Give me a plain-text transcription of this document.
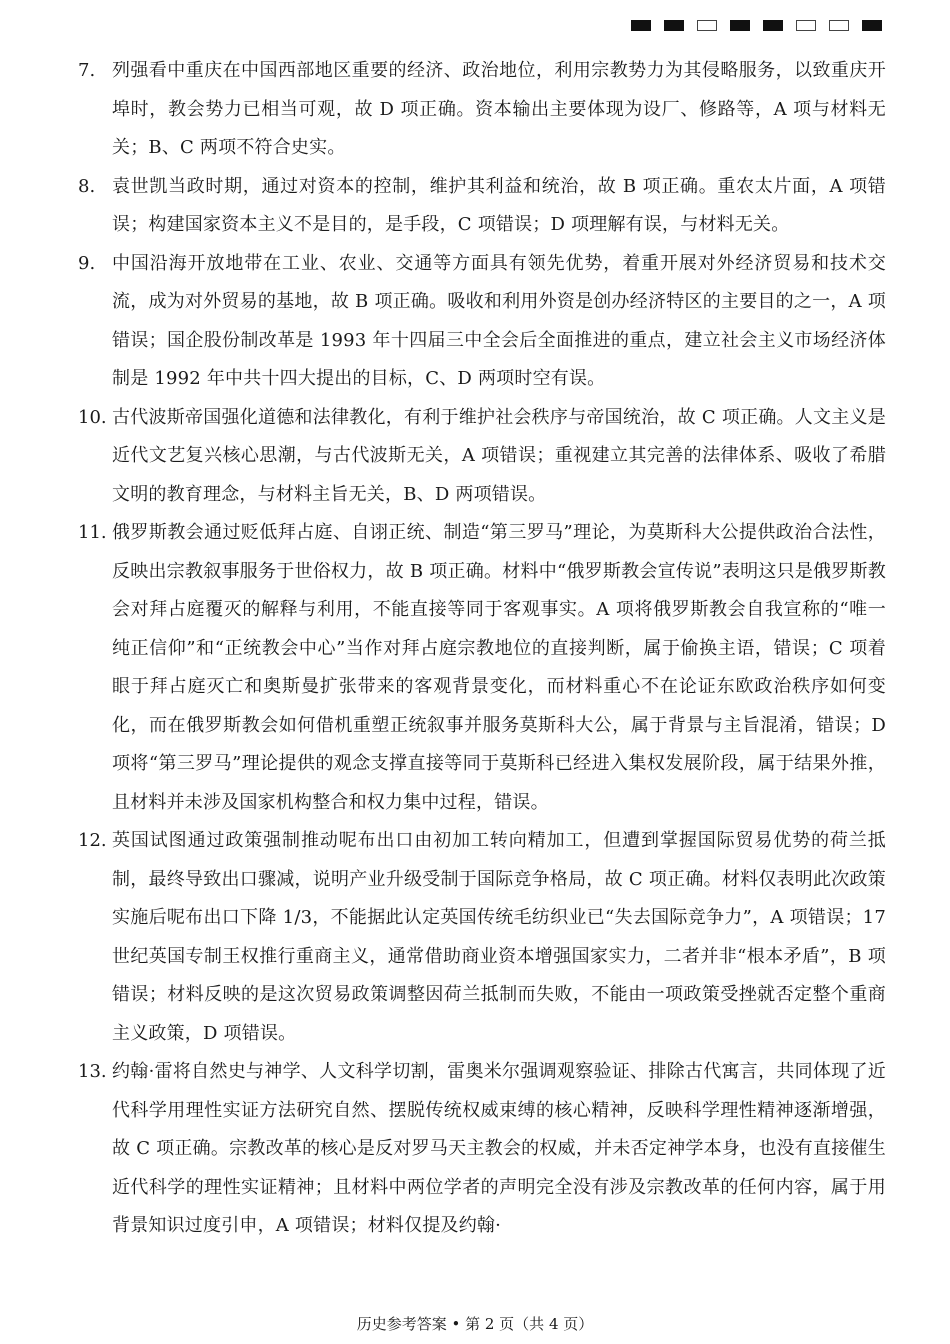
7. 列强看中重庆在中国西部地区重要的经济、政治地位，利用宗教势力为其侵略服务，以致重庆开埠时，教会势力已相当可观，故 D 项正确。资本输出主要体现为设厂、修路等，A 项与材料无关；B、C 两项不符合史实。
8. 袁世凯当政时期，通过对资本的控制，维护其利益和统治，故 B 项正确。重农太片面，A 项错误；构建国家资本主义不是目的，是手段，C 项错误；D 项理解有误，与材料无关。
9. 中国沿海开放地带在工业、农业、交通等方面具有领先优势，着重开展对外经济贸易和技术交流，成为对外贸易的基地，故 B 项正确。吸收和利用外资是创办经济特区的主要目的之一，A 项错误；国企股份制改革是 1993 年十四届三中全会后全面推进的重点，建立社会主义市场经济体制是 1992 年中共十四大提出的目标，C、D 两项时空有误。
10. 古代波斯帝国强化道德和法律教化，有利于维护社会秩序与帝国统治，故 C 项正确。人文主义是近代文艺复兴核心思潮，与古代波斯无关，A 项错误；重视建立其完善的法律体系、吸收了希腊文明的教育理念，与材料主旨无关，B、D 两项错误。
11. 俄罗斯教会通过贬低拜占庭、自诩正统、制造“第三罗马”理论，为莫斯科大公提供政治合法性，反映出宗教叙事服务于世俗权力，故 B 项正确。材料中“俄罗斯教会宣传说”表明这只是俄罗斯教会对拜占庭覆灭的解释与利用，不能直接等同于客观事实。A 项将俄罗斯教会自我宣称的“唯一纯正信仰”和“正统教会中心”当作对拜占庭宗教地位的直接判断，属于偷换主语，错误；C 项着眼于拜占庭灭亡和奥斯曼扩张带来的客观背景变化，而材料重心不在论证东欧政治秩序如何变化，而在俄罗斯教会如何借机重塑正统叙事并服务莫斯科大公，属于背景与主旨混淆，错误；D 项将“第三罗马”理论提供的观念支撑直接等同于莫斯科已经进入集权发展阶段，属于结果外推，且材料并未涉及国家机构整合和权力集中过程，错误。
12. 英国试图通过政策强制推动呢布出口由初加工转向精加工，但遭到掌握国际贸易优势的荷兰抵制，最终导致出口骤减，说明产业升级受制于国际竞争格局，故 C 项正确。材料仅表明此次政策实施后呢布出口下降 1/3，不能据此认定英国传统毛纺织业已“失去国际竞争力”，A 项错误；17 世纪英国专制王权推行重商主义，通常借助商业资本增强国家实力，二者并非“根本矛盾”，B 项错误；材料反映的是这次贸易政策调整因荷兰抵制而失败，不能由一项政策受挫就否定整个重商主义政策，D 项错误。
13. 约翰·雷将自然史与神学、人文科学切割，雷奥米尔强调观察验证、排除古代寓言，共同体现了近代科学用理性实证方法研究自然、摆脱传统权威束缚的核心精神，反映科学理性精神逐渐增强，故 C 项正确。宗教改革的核心是反对罗马天主教会的权威，并未否定神学本身，也没有直接催生近代科学的理性实证精神；且材料中两位学者的声明完全没有涉及宗教改革的任何内容，属于用背景知识过度引申，A 项错误；材料仅提及约翰·
历史参考答案 • 第 2 页（共 4 页）
